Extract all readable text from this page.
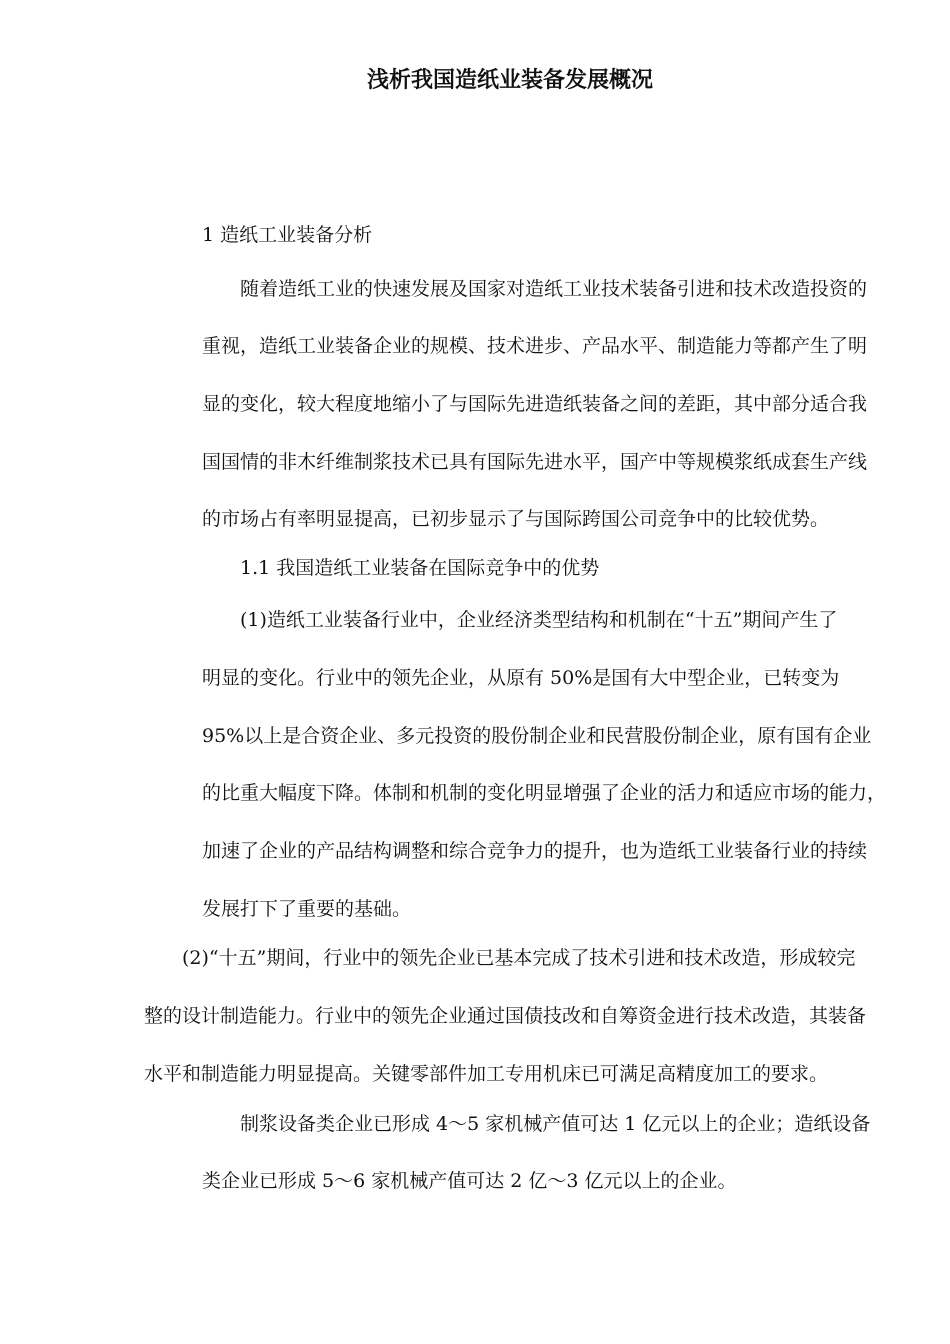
浅析我国造纸业装备发展概况

1 造纸工业装备分析

随着造纸工业的快速发展及国家对造纸工业技术装备引进和技术改造投资的

重视，造纸工业装备企业的规模、技术进步、产品水平、制造能力等都产生了明

显的变化，较大程度地缩小了与国际先进造纸装备之间的差距，其中部分适合我

国国情的非木纤维制浆技术已具有国际先进水平，国产中等规模浆纸成套生产线

的市场占有率明显提高，已初步显示了与国际跨国公司竞争中的比较优势。

1.1 我国造纸工业装备在国际竞争中的优势

(1)造纸工业装备行业中，企业经济类型结构和机制在“十五”期间产生了

明显的变化。行业中的领先企业，从原有 50%是国有大中型企业，已转变为

95%以上是合资企业、多元投资的股份制企业和民营股份制企业，原有国有企业

的比重大幅度下降。体制和机制的变化明显增强了企业的活力和适应市场的能力，

加速了企业的产品结构调整和综合竞争力的提升，也为造纸工业装备行业的持续

发展打下了重要的基础。

(2)“十五”期间，行业中的领先企业已基本完成了技术引进和技术改造，形成较完

整的设计制造能力。行业中的领先企业通过国债技改和自筹资金进行技术改造，其装备

水平和制造能力明显提高。关键零部件加工专用机床已可满足高精度加工的要求。

制浆设备类企业已形成 4～5 家机械产值可达 1 亿元以上的企业；造纸设备

类企业已形成 5～6 家机械产值可达 2 亿～3 亿元以上的企业。
